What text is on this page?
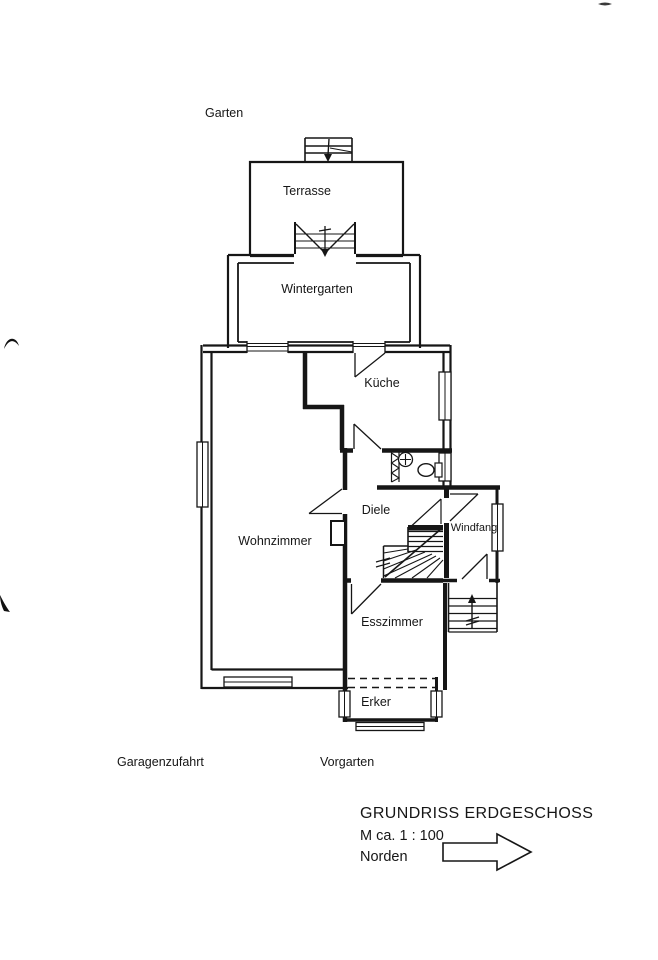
Garten
Terrasse
Wintergarten
Küche
Wohnzimmer
Diele
Windfang
Esszimmer
Erker
Garagenzufahrt	Vorgarten
GRUNDRISS ERDGESCHOSS
M ca. 1 : 100
Norden
